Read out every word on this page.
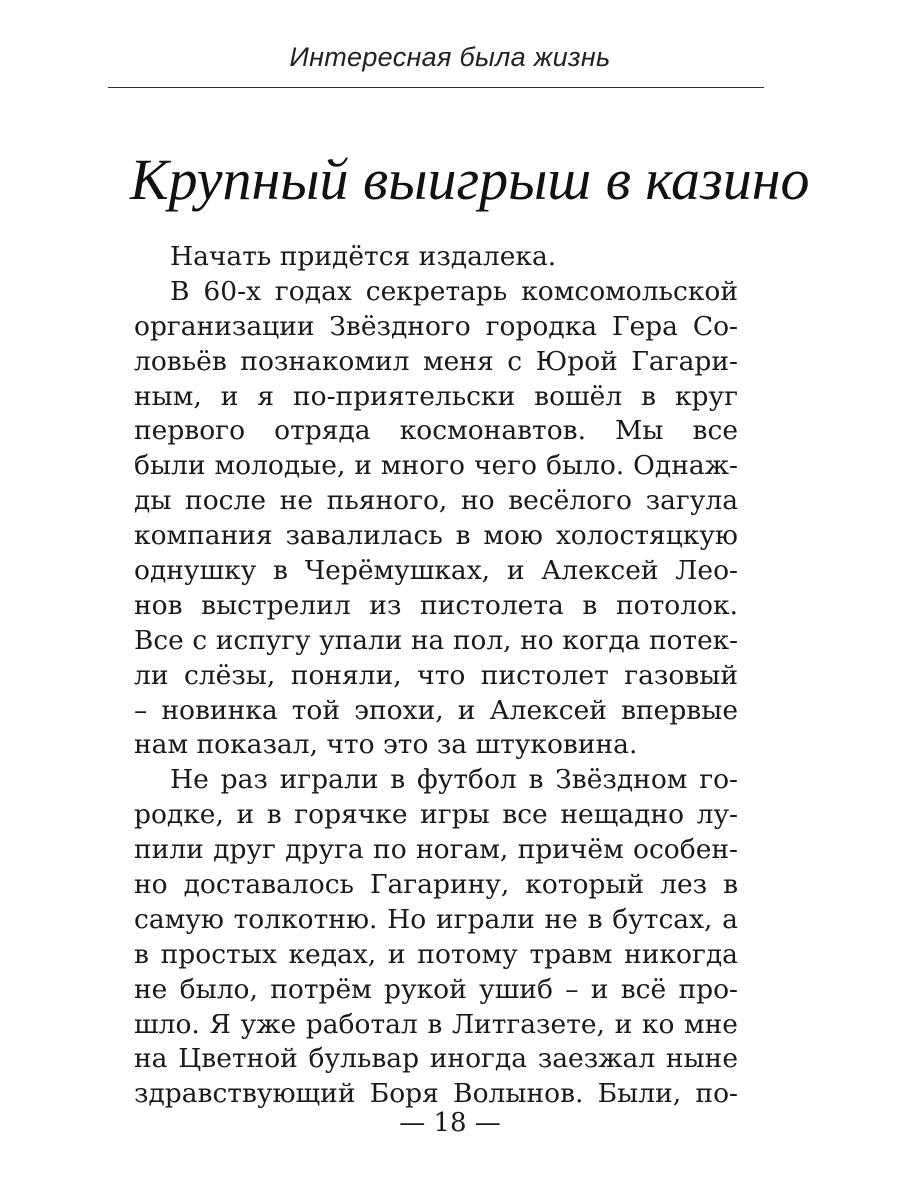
Интересная была жизнь
Крупный выигрыш в казино
Начать придётся издалека.
В 60-х годах секретарь комсомольской
организации Звёздного городка Гера Со-
ловьёв познакомил меня с Юрой Гагари-
ным, и я по-приятельски вошёл в круг
первого отряда космонавтов. Мы все
были молодые, и много чего было. Однаж-
ды после не пьяного, но весёлого загула
компания завалилась в мою холостяцкую
однушку в Черёмушках, и Алексей Лео-
нов выстрелил из пистолета в потолок.
Все с испугу упали на пол, но когда потек-
ли слёзы, поняли, что пистолет газовый
– новинка той эпохи, и Алексей впервые
нам показал, что это за штуковина.
Не раз играли в футбол в Звёздном го-
родке, и в горячке игры все нещадно лу-
пили друг друга по ногам, причём особен-
но доставалось Гагарину, который лез в
самую толкотню. Но играли не в бутсах, а
в простых кедах, и потому травм никогда
не было, потрём рукой ушиб – и всё про-
шло. Я уже работал в Литгазете, и ко мне
на Цветной бульвар иногда заезжал ныне
здравствующий Боря Волынов. Были, по-
— 18 —
